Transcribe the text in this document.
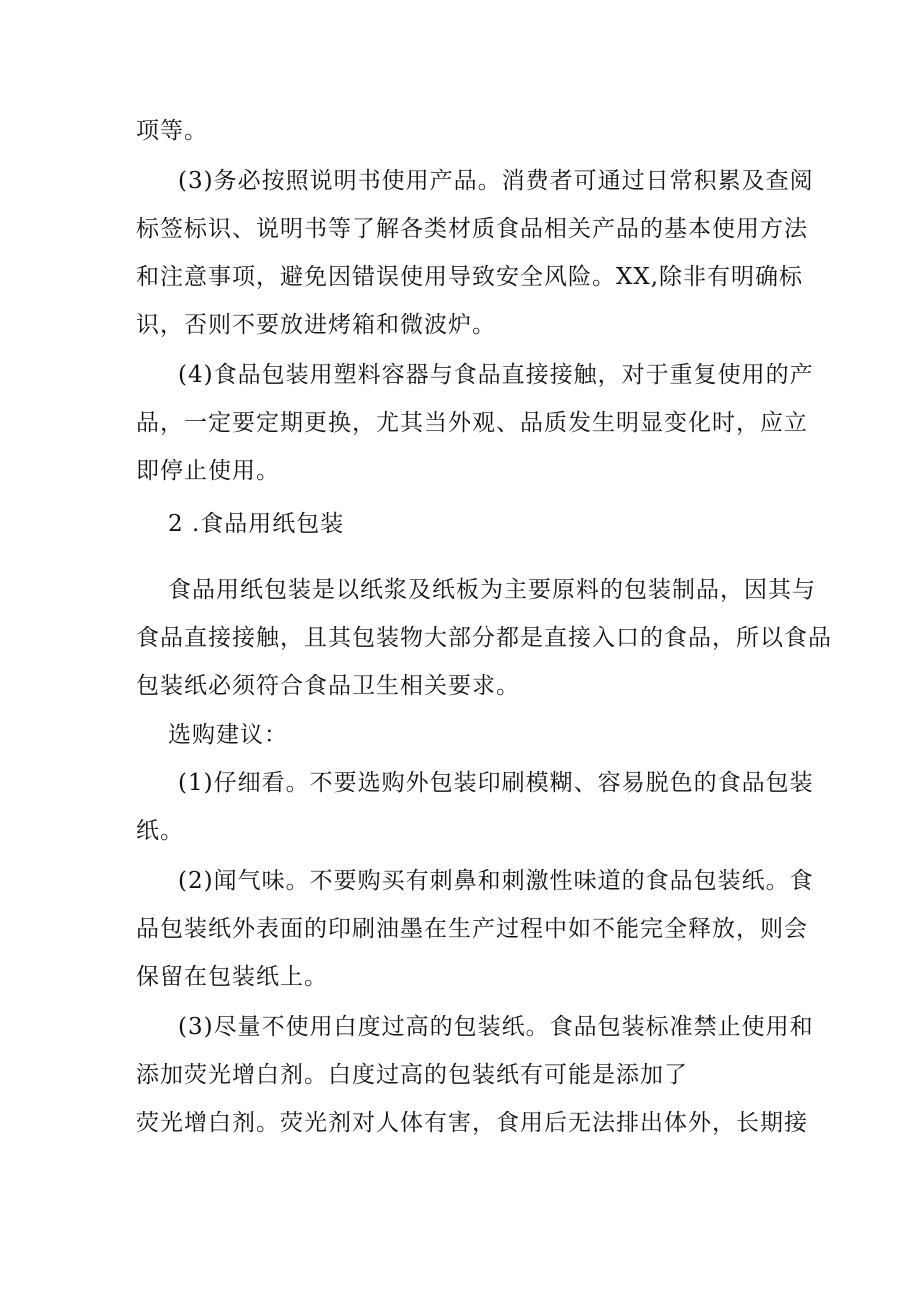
项等。

(3)务必按照说明书使用产品。消费者可通过日常积累及查阅

标签标识、说明书等了解各类材质食品相关产品的基本使用方法

和注意事项，避免因错误使用导致安全风险。XX,除非有明确标

识，否则不要放进烤箱和微波炉。

(4)食品包装用塑料容器与食品直接接触，对于重复使用的产

品，一定要定期更换，尤其当外观、品质发生明显变化时，应立

即停止使用。

2 .食品用纸包装

食品用纸包装是以纸浆及纸板为主要原料的包装制品，因其与

食品直接接触，且其包装物大部分都是直接入口的食品，所以食品

包装纸必须符合食品卫生相关要求。

选购建议：

(1)仔细看。不要选购外包装印刷模糊、容易脱色的食品包装

纸。

(2)闻气味。不要购买有刺鼻和刺激性味道的食品包装纸。食

品包装纸外表面的印刷油墨在生产过程中如不能完全释放，则会

保留在包装纸上。

(3)尽量不使用白度过高的包装纸。食品包装标准禁止使用和

添加荧光增白剂。白度过高的包装纸有可能是添加了

荧光增白剂。荧光剂对人体有害，食用后无法排出体外，长期接
